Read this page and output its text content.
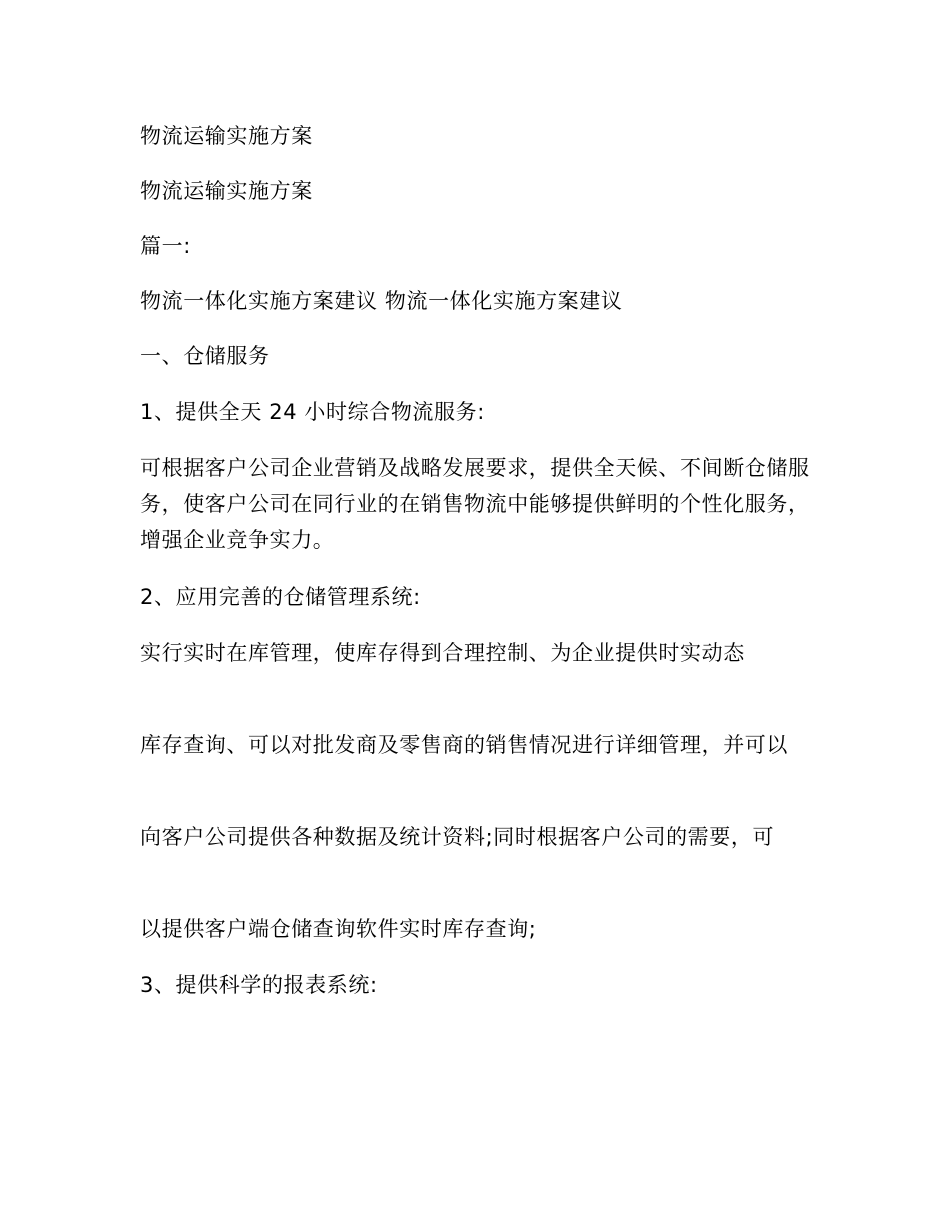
物流运输实施方案
物流运输实施方案
篇一:
物流一体化实施方案建议 物流一体化实施方案建议
一、仓储服务
1、提供全天 24 小时综合物流服务:
可根据客户公司企业营销及战略发展要求，提供全天候、不间断仓储服务，使客户公司在同行业的在销售物流中能够提供鲜明的个性化服务，增强企业竞争实力。
2、应用完善的仓储管理系统:
实行实时在库管理，使库存得到合理控制、为企业提供时实动态
库存查询、可以对批发商及零售商的销售情况进行详细管理，并可以
向客户公司提供各种数据及统计资料;同时根据客户公司的需要，可
以提供客户端仓储查询软件实时库存查询;
3、提供科学的报表系统:
